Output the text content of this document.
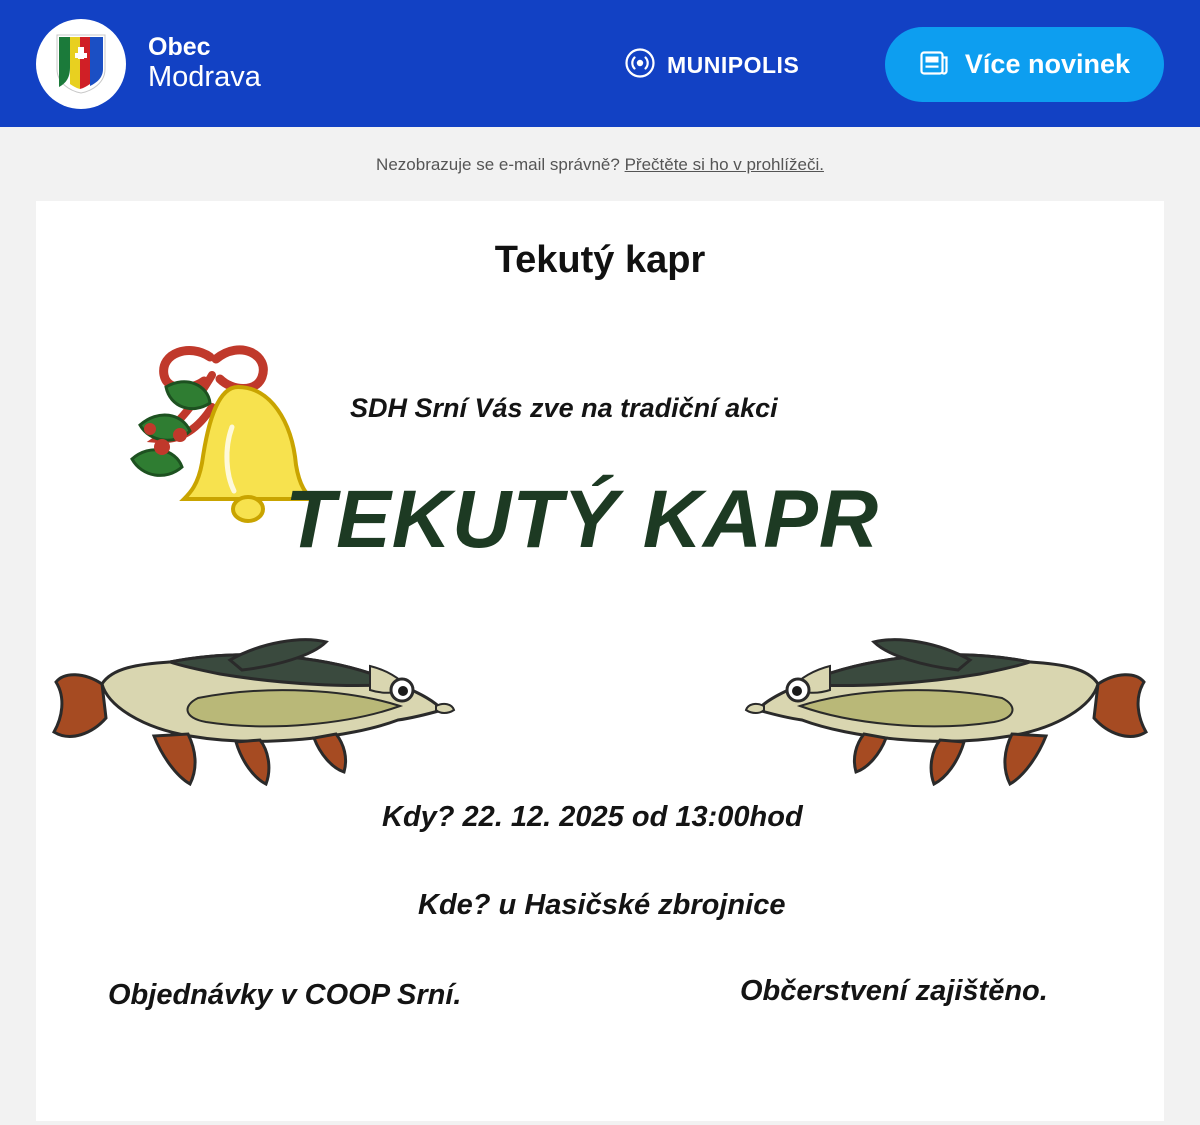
Obec
Modrava	MUNIPOLIS	Více novinek
Nezobrazuje se e-mail správně? Přečtěte si ho v prohlížeči.
Tekutý kapr
SDH Srní Vás zve na tradiční akci
TEKUTÝ KAPR
Kdy? 22. 12. 2025 od 13:00hod
Kde? u Hasičské zbrojnice
Objednávky v COOP Srní.	Občerstvení zajištěno.
